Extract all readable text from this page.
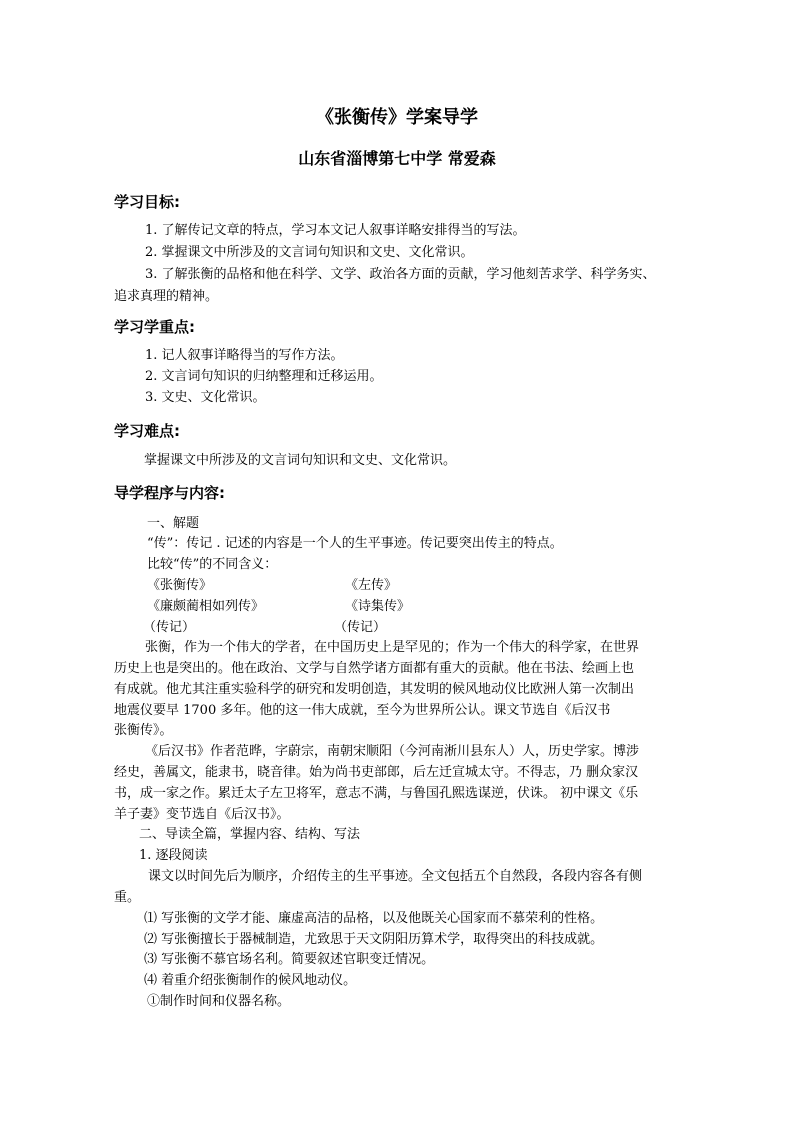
《张衡传》学案导学
山东省淄博第七中学 常爱森
学习目标:
1. 了解传记文章的特点，学习本文记人叙事详略安排得当的写法。
2. 掌握课文中所涉及的文言词句知识和文史、文化常识。
3. 了解张衡的品格和他在科学、文学、政治各方面的贡献，学习他刻苦求学、科学务实、
追求真理的精神。
学习学重点:
1. 记人叙事详略得当的写作方法。
2. 文言词句知识的归纳整理和迁移运用。
3. 文史、文化常识。
学习难点:
掌握课文中所涉及的文言词句知识和文史、文化常识。
导学程序与内容:
一、解题
“传”：传记 . 记述的内容是一个人的生平事迹。传记要突出传主的特点。
比较“传”的不同含义：
《张衡传》	《左传》
《廉颇蔺相如列传》	《诗集传》
（传记）	（传记）
张衡，作为一个伟大的学者，在中国历史上是罕见的；作为一个伟大的科学家，在世界
历史上也是突出的。他在政治、文学与自然学诸方面都有重大的贡献。他在书法、绘画上也
有成就。他尤其注重实验科学的研究和发明创造，其发明的候风地动仪比欧洲人第一次制出
地震仪要早 1700 多年。他的这一伟大成就，至今为世界所公认。课文节选自《后汉书
张衡传》。
《后汉书》作者范晔，字蔚宗，南朝宋顺阳（今河南淅川县东人）人，历史学家。博涉
经史，善属文，能隶书，晓音律。始为尚书吏部郎，后左迁宣城太守。不得志，乃 删众家汉
书，成一家之作。累迁太子左卫将军，意志不满，与鲁国孔熙选谋逆，伏诛。 初中课文《乐
羊子妻》变节选自《后汉书》。
二、导读全篇，掌握内容、结构、写法
1. 逐段阅读
课文以时间先后为顺序，介绍传主的生平事迹。全文包括五个自然段，各段内容各有侧
重。
⑴ 写张衡的文学才能、廉虚高洁的品格，以及他既关心国家而不慕荣利的性格。
⑵ 写张衡擅长于器械制造，尤致思于天文阴阳历算术学，取得突出的科技成就。
⑶ 写张衡不慕官场名利。简要叙述官职变迁情况。
⑷ 着重介绍张衡制作的候风地动仪。
①制作时间和仪器名称。
